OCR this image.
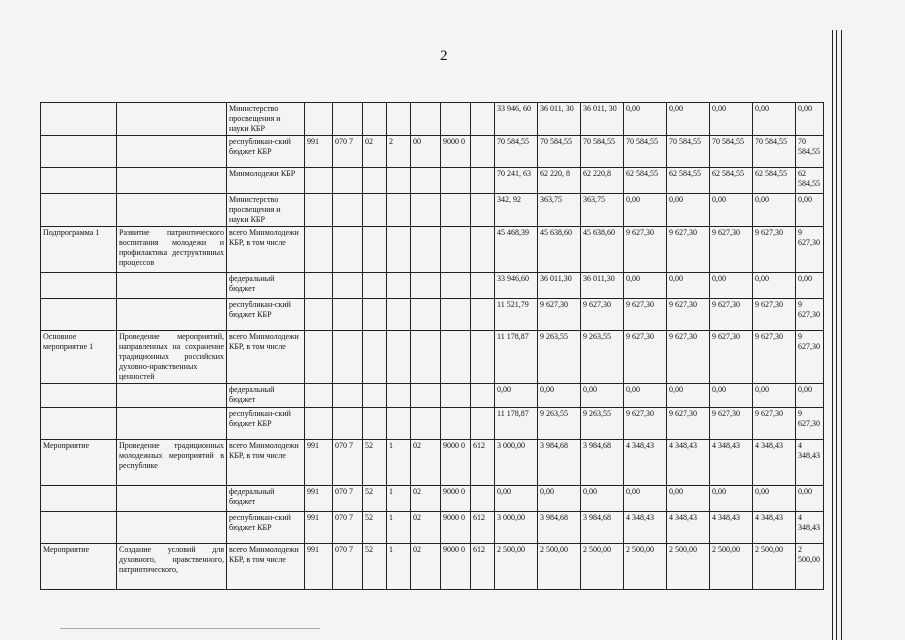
2
		Министерство просвещения и науки КБР								33 946, 60	36 011, 30	36 011, 30	0,00	0,00	0,00	0,00	0,00
		республикан-ский бюджет КБР	991	070 7	02	2	00	9000 0		70 584,55	70 584,55	70 584,55	70 584,55	70 584,55	70 584,55	70 584,55	70 584,55
		Минмолодежи КБР								70 241, 63	62 220, 8	62 220,8	62 584,55	62 584,55	62 584,55	62 584,55	62 584,55
		Министерство просвещения и науки КБР								342, 92	363,75	363,75	0,00	0,00	0,00	0,00	0,00
Подпрограмма 1	Развитие патриотического воспитания молодежи и профилактика деструктивных процессов	всего Минмолодежи КБР, в том числе								45 468,39	45 638,60	45 638,60	9 627,30	9 627,30	9 627,30	9 627,30	9 627,30
		федеральный бюджет								33 946,60	36 011,30	36 011,30	0,00	0,00	0,00	0,00	0,00
		республикан-ский бюджет КБР								11 521,79	9 627,30	9 627,30	9 627,30	9 627,30	9 627,30	9 627,30	9 627,30
Основное мероприятие 1	Проведение мероприятий, направленных на сохранение традиционных российских духовно-нравственных ценностей	всего Минмолодежи КБР, в том числе								11 178,87	9 263,55	9 263,55	9 627,30	9 627,30	9 627,30	9 627,30	9 627,30
		федеральный бюджет								0,00	0,00	0,00	0,00	0,00	0,00	0,00	0,00
		республикан-ский бюджет КБР								11 178,87	9 263,55	9 263,55	9 627,30	9 627,30	9 627,30	9 627,30	9 627,30
Мероприятие	Проведение традиционных молодежных мероприятий в республике	всего Минмолодежи КБР, в том числе	991	070 7	52	1	02	9000 0	612	3 000,00	3 984,68	3 984,68	4 348,43	4 348,43	4 348,43	4 348,43	4 348,43
		федеральный бюджет	991	070 7	52	1	02	9000 0		0,00	0,00	0,00	0,00	0,00	0,00	0,00	0,00
		республикан-ский бюджет КБР	991	070 7	52	1	02	9000 0	612	3 000,00	3 984,68	3 984,68	4 348,43	4 348,43	4 348,43	4 348,43	4 348,43
Мероприятие	Создание условий для духовного, нравственного, патриотического,	всего Минмолодежи КБР, в том числе	991	070 7	52	1	02	9000 0	612	2 500,00	2 500,00	2 500,00	2 500,00	2 500,00	2 500,00	2 500,00	2 500,00
